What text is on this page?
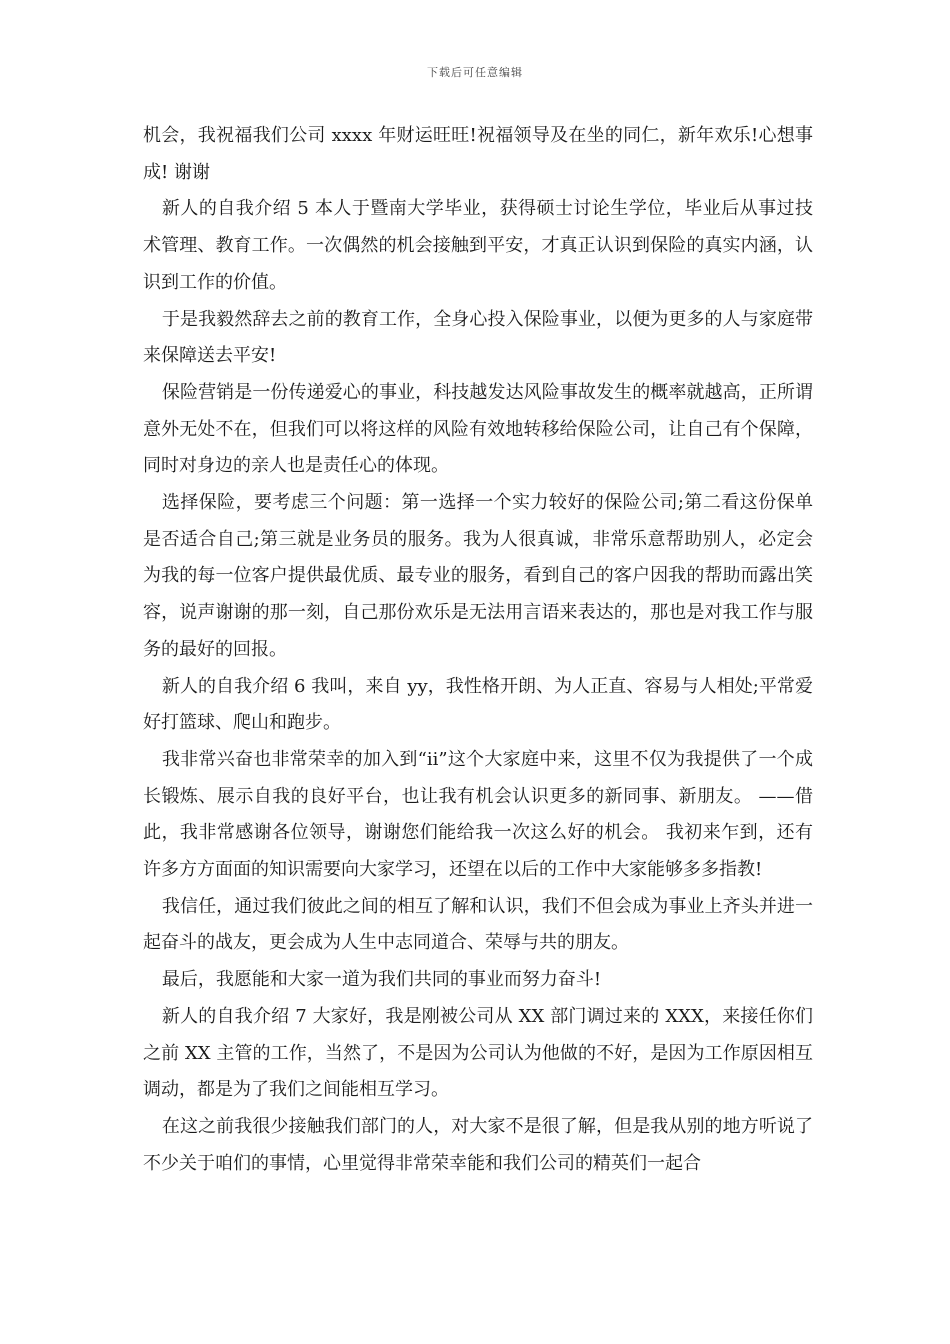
下载后可任意编辑

机会，我祝福我们公司 xxxx 年财运旺旺!祝福领导及在坐的同仁，新年欢乐!心想事成! 谢谢

新人的自我介绍 5 本人于暨南大学毕业，获得硕士讨论生学位，毕业后从事过技术管理、教育工作。一次偶然的机会接触到平安，才真正认识到保险的真实内涵，认识到工作的价值。

于是我毅然辞去之前的教育工作，全身心投入保险事业，以便为更多的人与家庭带来保障送去平安!

保险营销是一份传递爱心的事业，科技越发达风险事故发生的概率就越高，正所谓意外无处不在，但我们可以将这样的风险有效地转移给保险公司，让自己有个保障，同时对身边的亲人也是责任心的体现。

选择保险，要考虑三个问题：第一选择一个实力较好的保险公司;第二看这份保单是否适合自己;第三就是业务员的服务。我为人很真诚，非常乐意帮助别人，必定会为我的每一位客户提供最优质、最专业的服务，看到自己的客户因我的帮助而露出笑容，说声谢谢的那一刻，自己那份欢乐是无法用言语来表达的，那也是对我工作与服务的最好的回报。

新人的自我介绍 6 我叫，来自 yy，我性格开朗、为人正直、容易与人相处;平常爱好打篮球、爬山和跑步。

我非常兴奋也非常荣幸的加入到“ii”这个大家庭中来，这里不仅为我提供了一个成长锻炼、展示自我的良好平台，也让我有机会认识更多的新同事、新朋友。 ——借此，我非常感谢各位领导，谢谢您们能给我一次这么好的机会。 我初来乍到，还有许多方方面面的知识需要向大家学习，还望在以后的工作中大家能够多多指教!

我信任，通过我们彼此之间的相互了解和认识，我们不但会成为事业上齐头并进一起奋斗的战友，更会成为人生中志同道合、荣辱与共的朋友。

最后，我愿能和大家一道为我们共同的事业而努力奋斗!

新人的自我介绍 7 大家好，我是刚被公司从 XX 部门调过来的 XXX，来接任你们之前 XX 主管的工作，当然了，不是因为公司认为他做的不好，是因为工作原因相互调动，都是为了我们之间能相互学习。

在这之前我很少接触我们部门的人，对大家不是很了解，但是我从别的地方听说了不少关于咱们的事情，心里觉得非常荣幸能和我们公司的精英们一起合
